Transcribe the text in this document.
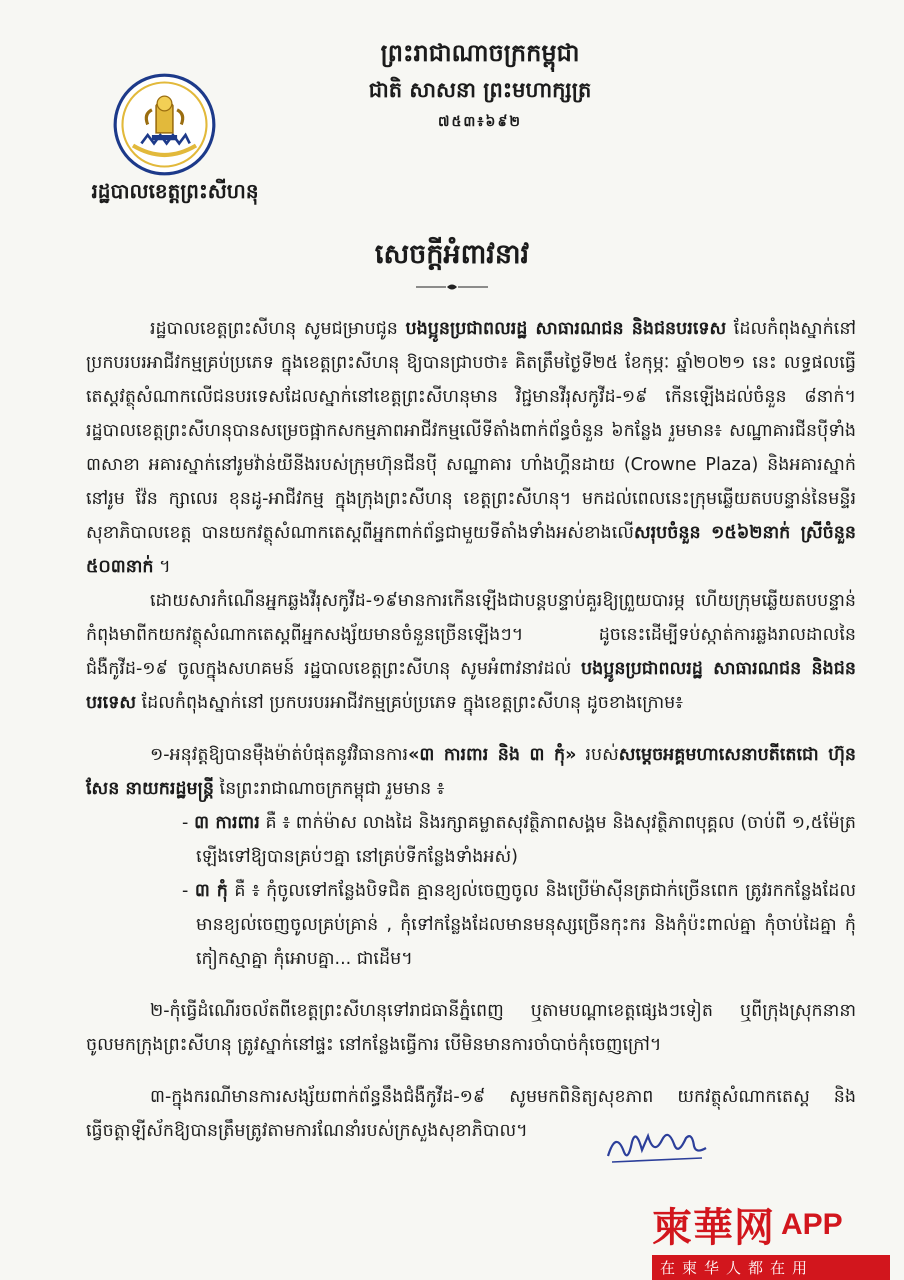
រដ្ឋបាលខេត្តព្រះសីហនុ
ព្រះរាជាណាចក្រកម្ពុជា
ជាតិ សាសនា ព្រះមហាក្សត្រ
៧៥៣៖៦៩២
សេចក្តីអំពាវនាវ

រដ្ឋបាលខេត្តព្រះសីហនុ សូមជម្រាបជូន បងប្អូនប្រជាពលរដ្ឋ សាធារណជន និងជនបរទេស ដែលកំពុងស្នាក់នៅ ប្រកបរបរអាជីវកម្មគ្រប់ប្រភេទ ក្នុងខេត្តព្រះសីហនុ ឱ្យបានជ្រាបថា៖ គិតត្រឹមថ្ងៃទី២៥ ខែកុម្ភៈ ឆ្នាំ២០២១ នេះ លទ្ធផលធ្វើតេស្តវត្ថុសំណាកលើជនបរទេសដែលស្នាក់នៅខេត្តព្រះសីហនុមាន វិជ្ជមានវីរុសកូវីដ-១៩ កើនឡើងដល់ចំនួន ៨នាក់។ រដ្ឋបាលខេត្តព្រះសីហនុបានសម្រេចផ្អាកសកម្មភាពអាជីវកម្មលើទីតាំងពាក់ព័ន្ធចំនួន ៦កន្លែង រួមមាន៖ សណ្ឋាគារជីនប៉ីទាំង ៣សាខា អគារស្នាក់នៅរូមវ៉ាន់យីនីងរបស់ក្រុមហ៊ុនជីនប៉ី សណ្ឋាគារ ហាំងហ្គីនដាយ (Crowne Plaza) និងអគារស្នាក់នៅរូម វ៉ែន ក្សាលេរ ខុនដូ-អាជីវកម្ម ក្នុងក្រុងព្រះសីហនុ ខេត្តព្រះសីហនុ។ មកដល់ពេលនេះក្រុមឆ្លើយតបបន្ទាន់នៃមន្ទីរសុខាភិបាលខេត្ត បានយកវត្ថុសំណាកតេស្តពីអ្នកពាក់ព័ន្ធជាមួយទីតាំងទាំងអស់ខាងលើសរុបចំនួន ១៥៦២នាក់ ស្រីចំនួន ៥០៣នាក់ ។

ដោយសារកំណើនអ្នកឆ្លងវីរុសកូវីដ-១៩មានការកើនឡើងជាបន្តបន្ទាប់គួរឱ្យព្រួយបារម្ភ ហើយក្រុមឆ្លើយតបបន្ទាន់កំពុងមាពីកយកវត្ថុសំណាកតេស្តពីអ្នកសង្ស័យមានចំនួនច្រើនឡើងៗ។ ដូចនេះដើម្បីទប់ស្កាត់ការឆ្លងរាលដាលនៃជំងឺកូវីដ-១៩ ចូលក្នុងសហគមន៍ រដ្ឋបាលខេត្តព្រះសីហនុ សូមអំពាវនាវដល់ បងប្អូនប្រជាពលរដ្ឋ សាធារណជន និងជនបរទេស ដែលកំពុងស្នាក់នៅ ប្រកបរបរអាជីវកម្មគ្រប់ប្រភេទ ក្នុងខេត្តព្រះសីហនុ ដូចខាងក្រោម៖

១-អនុវត្តឱ្យបានម៉ឺងម៉ាត់បំផុតនូវវិធានការ«៣ ការពារ និង ៣ កុំ» របស់សម្តេចអគ្គមហាសេនាបតីតេជោ ហ៊ុន សែន នាយករដ្ឋមន្ត្រី នៃព្រះរាជាណាចក្រកម្ពុជា រួមមាន ៖

- ៣ ការពារ គឺ ៖ ពាក់ម៉ាស លាងដៃ និងរក្សាគម្លាតសុវត្ថិភាពសង្គម និងសុវត្ថិភាពបុគ្គល (ចាប់ពី ១,៥ម៉ែត្រឡើងទៅឱ្យបានគ្រប់ៗគ្នា នៅគ្រប់ទីកន្លែងទាំងអស់)

- ៣ កុំ គឺ ៖ កុំចូលទៅកន្លែងបិទជិត គ្មានខ្យល់ចេញចូល និងប្រើម៉ាស៊ីនត្រជាក់ច្រើនពេក ត្រូវរកកន្លែងដែលមានខ្យល់ចេញចូលគ្រប់គ្រាន់ , កុំទៅកន្លែងដែលមានមនុស្សច្រើនកុះករ និងកុំប៉ះពាល់គ្នា កុំចាប់ដៃគ្នា កុំកៀកស្មាគ្នា កុំអោបគ្នា... ជាដើម។

២-កុំធ្វើដំណើរចល័តពីខេត្តព្រះសីហនុទៅរាជធានីភ្នំពេញ ឬតាមបណ្តាខេត្តផ្សេងៗទៀត ឬពីក្រុងស្រុកនានាចូលមកក្រុងព្រះសីហនុ ត្រូវស្នាក់នៅផ្ទះ នៅកន្លែងធ្វើការ បើមិនមានការចាំបាច់កុំចេញក្រៅ។

៣-ក្នុងករណីមានការសង្ស័យពាក់ព័ន្ធនឹងជំងឺកូវីដ-១៩ សូមមកពិនិត្យសុខភាព យកវត្ថុសំណាកតេស្ត និងធ្វើចត្តាឡីស័កឱ្យបានត្រឹមត្រូវតាមការណែនាំរបស់ក្រសួងសុខាភិបាល។

柬華网 APP
在柬华人都在用
